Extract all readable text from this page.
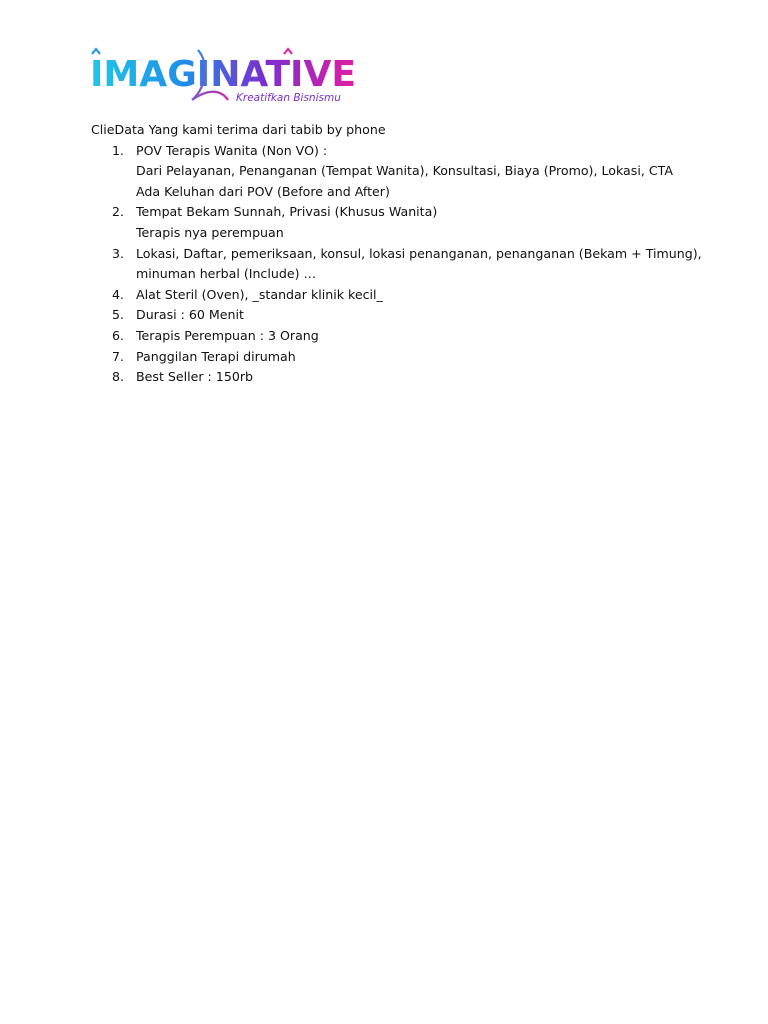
IMAGINATIVE
Kreatifkan Bisnismu

ClieData Yang kami terima dari tabib by phone

1. POV Terapis Wanita (Non VO) :
Dari Pelayanan, Penanganan (Tempat Wanita), Konsultasi, Biaya (Promo), Lokasi, CTA
Ada Keluhan dari POV (Before and After)
2. Tempat Bekam Sunnah, Privasi (Khusus Wanita)
Terapis nya perempuan
3. Lokasi, Daftar, pemeriksaan, konsul, lokasi penanganan, penanganan (Bekam + Timung),
minuman herbal (Include) …
4. Alat Steril (Oven), _standar klinik kecil_
5. Durasi : 60 Menit
6. Terapis Perempuan : 3 Orang
7. Panggilan Terapi dirumah
8. Best Seller : 150rb
